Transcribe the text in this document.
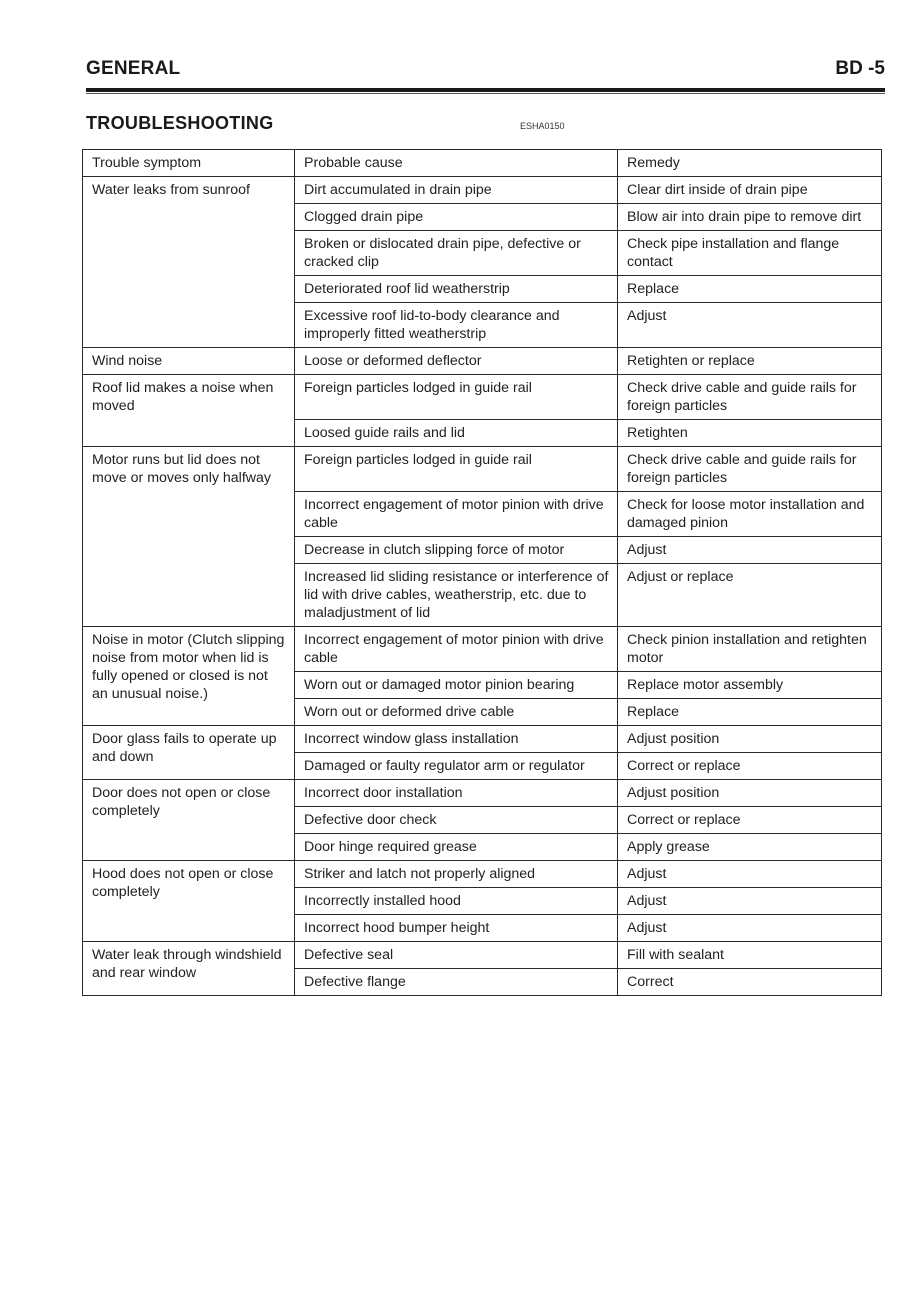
GENERAL	BD -5
TROUBLESHOOTING	ESHA0150
Trouble symptom	Probable cause	Remedy
Water leaks from sunroof	Dirt accumulated in drain pipe	Clear dirt inside of drain pipe
	Clogged drain pipe	Blow air into drain pipe to remove dirt
	Broken or dislocated drain pipe, defective or cracked clip	Check pipe installation and flange contact
	Deteriorated roof lid weatherstrip	Replace
	Excessive roof lid-to-body clearance and improperly fitted weatherstrip	Adjust
Wind noise	Loose or deformed deflector	Retighten or replace
Roof lid makes a noise when moved	Foreign particles lodged in guide rail	Check drive cable and guide rails for foreign particles
	Loosed guide rails and lid	Retighten
Motor runs but lid does not move or moves only halfway	Foreign particles lodged in guide rail	Check drive cable and guide rails for foreign particles
	Incorrect engagement of motor pinion with drive cable	Check for loose motor installation and damaged pinion
	Decrease in clutch slipping force of motor	Adjust
	Increased lid sliding resistance or interference of lid with drive cables, weatherstrip, etc. due to maladjustment of lid	Adjust or replace
Noise in motor (Clutch slipping noise from motor when lid is fully opened or closed is not an unusual noise.)	Incorrect engagement of motor pinion with drive cable	Check pinion installation and retighten motor
	Worn out or damaged motor pinion bearing	Replace motor assembly
	Worn out or deformed drive cable	Replace
Door glass fails to operate up and down	Incorrect window glass installation	Adjust position
	Damaged or faulty regulator arm or regulator	Correct or replace
Door does not open or close completely	Incorrect door installation	Adjust position
	Defective door check	Correct or replace
	Door hinge required grease	Apply grease
Hood does not open or close completely	Striker and latch not properly aligned	Adjust
	Incorrectly installed hood	Adjust
	Incorrect hood bumper height	Adjust
Water leak through windshield and rear window	Defective seal	Fill with sealant
	Defective flange	Correct
